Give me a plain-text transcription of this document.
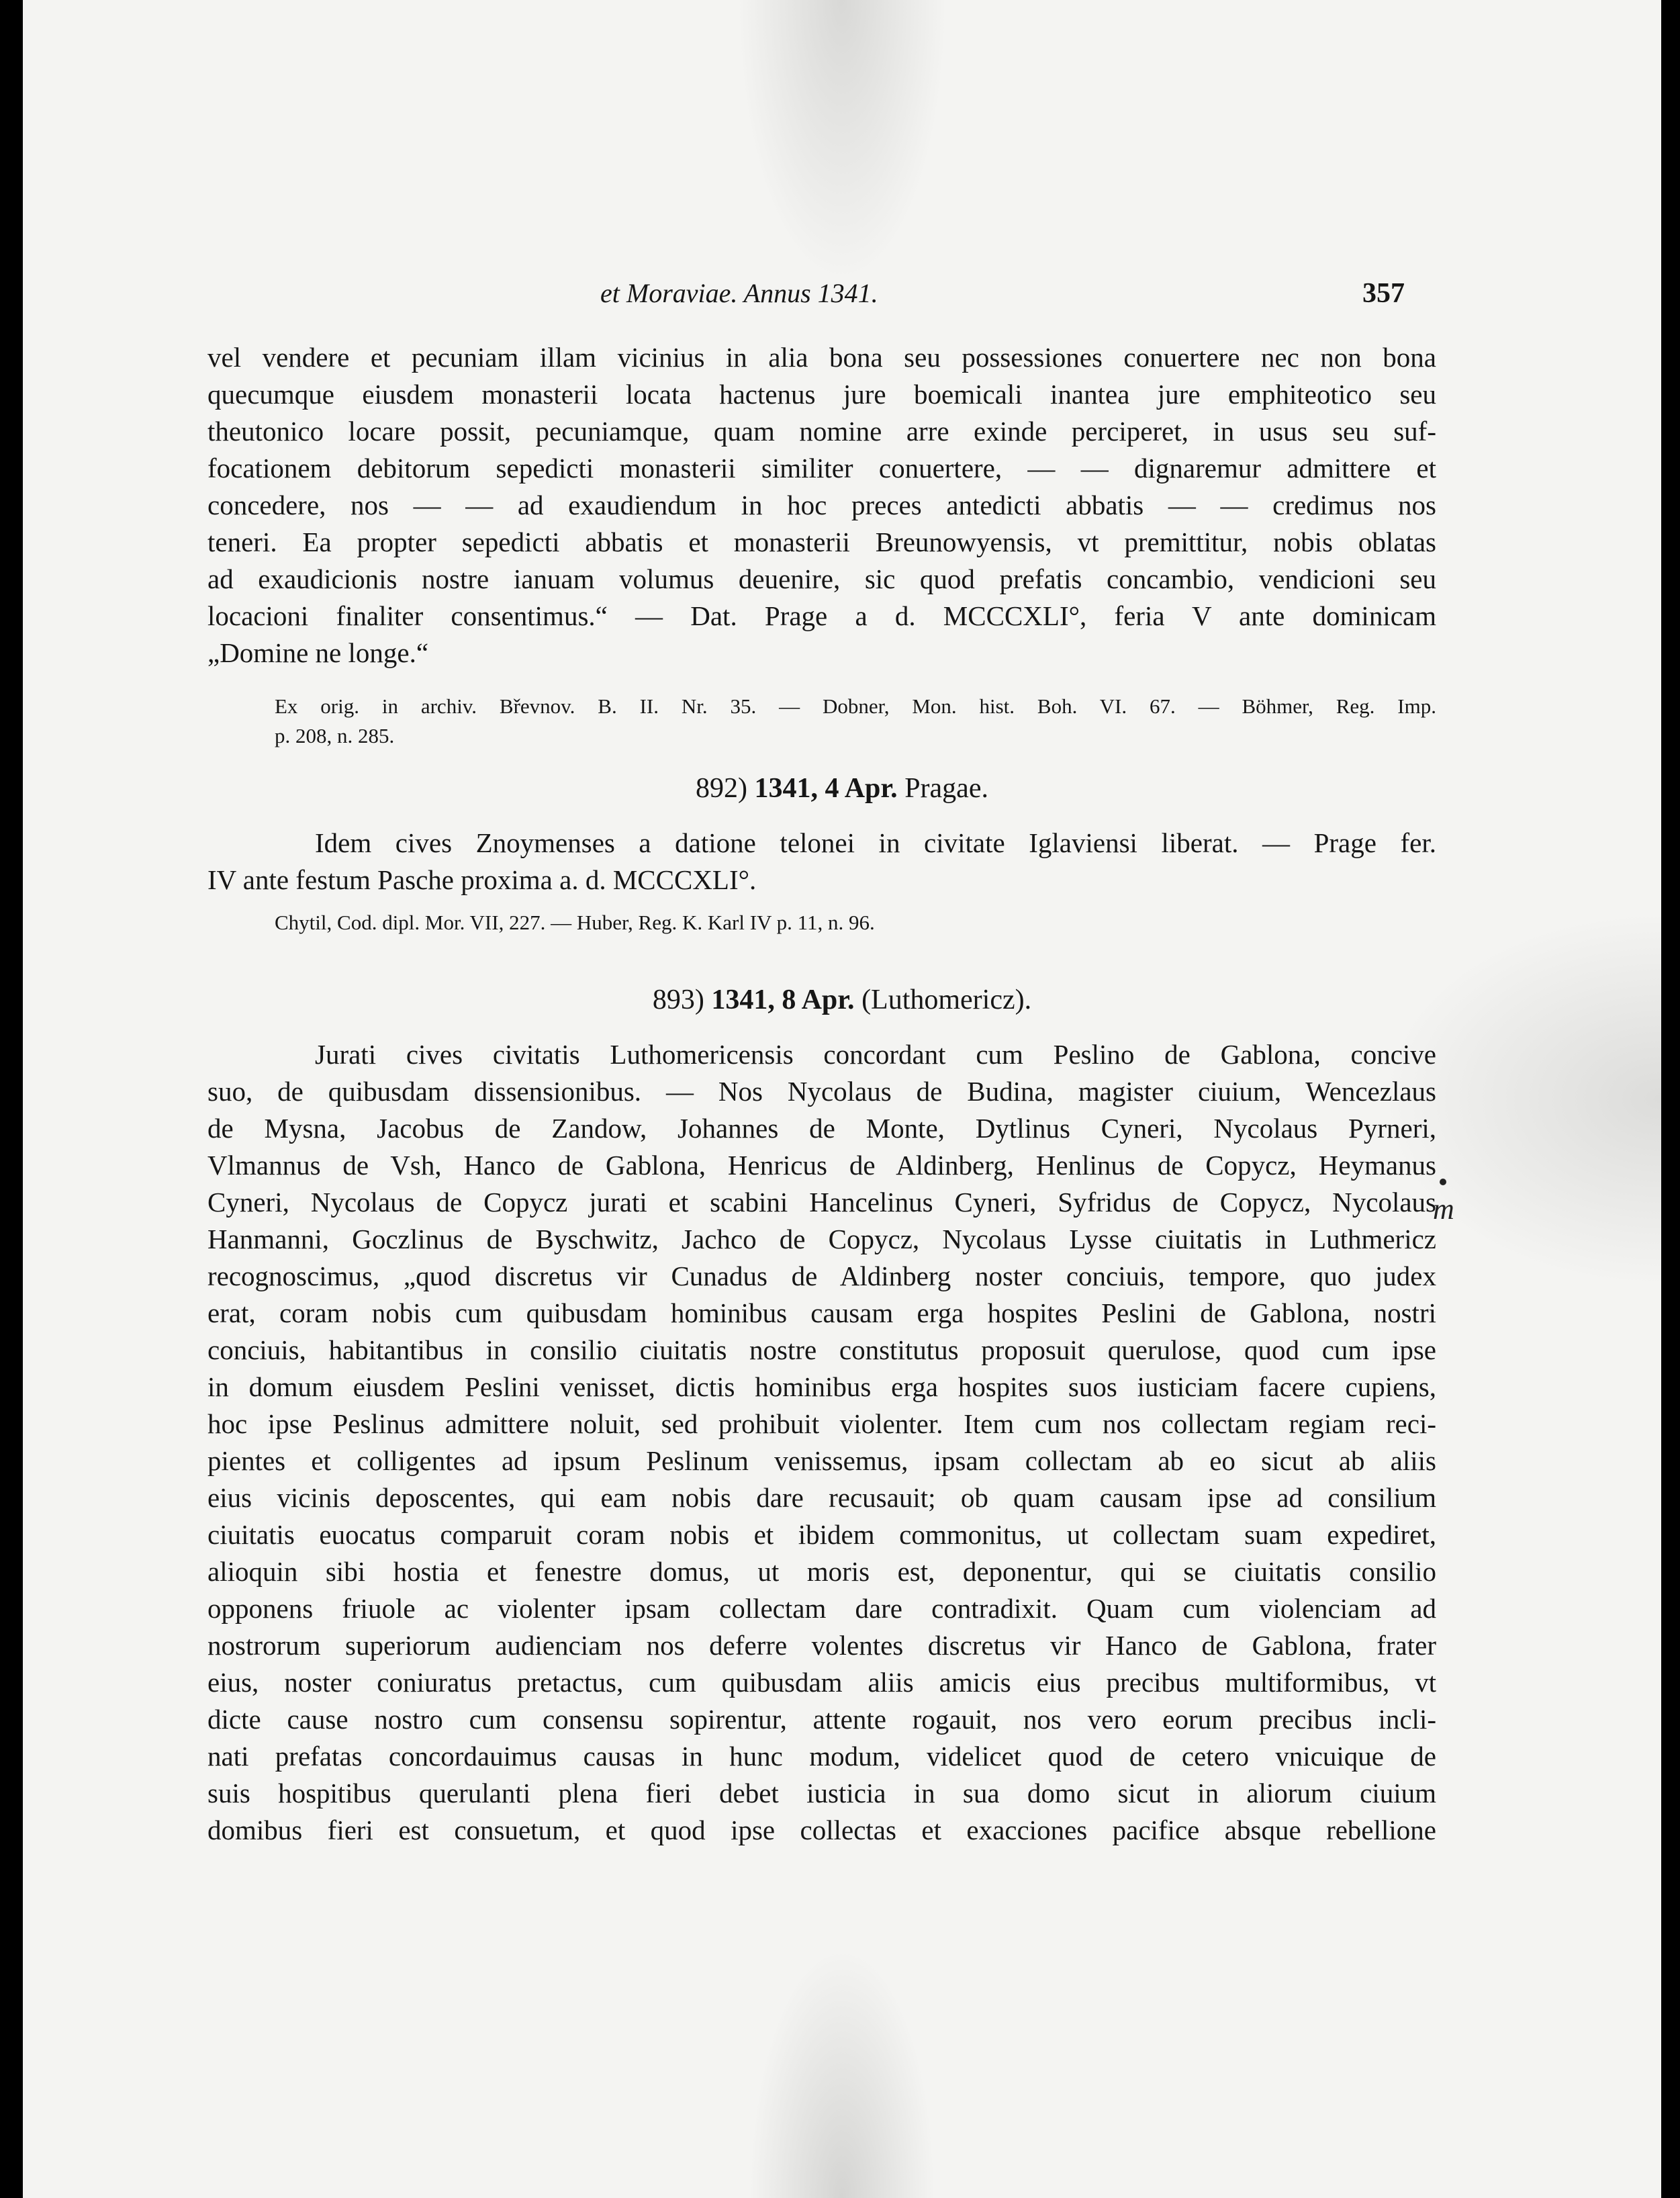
et Moraviae. Annus 1341.	357
vel vendere et pecuniam illam vicinius in alia bona seu possessiones conuertere nec non bona
quecumque eiusdem monasterii locata hactenus jure boemicali inantea jure emphiteotico seu
theutonico locare possit, pecuniamque, quam nomine arre exinde perciperet, in usus seu suf-
focationem debitorum sepedicti monasterii similiter conuertere, — — dignaremur admittere et
concedere, nos — — ad exaudiendum in hoc preces antedicti abbatis — — credimus nos
teneri. Ea propter sepedicti abbatis et monasterii Breunowyensis, vt premittitur, nobis oblatas
ad exaudicionis nostre ianuam volumus deuenire, sic quod prefatis concambio, vendicioni seu
locacioni finaliter consentimus.“ — Dat. Prage a d. MCCCXLI°, feria V ante dominicam
„Domine ne longe.“
Ex orig. in archiv. Břevnov. B. II. Nr. 35. — Dobner, Mon. hist. Boh. VI. 67. — Böhmer, Reg. Imp.
p. 208, n. 285.
892) 1341, 4 Apr. Pragae.
Idem cives Znoymenses a datione telonei in civitate Iglaviensi liberat. — Prage fer.
IV ante festum Pasche proxima a. d. MCCCXLI°.
Chytil, Cod. dipl. Mor. VII, 227. — Huber, Reg. K. Karl IV p. 11, n. 96.
893) 1341, 8 Apr. (Luthomericz).
Jurati cives civitatis Luthomericensis concordant cum Peslino de Gablona, concive
suo, de quibusdam dissensionibus. — Nos Nycolaus de Budina, magister ciuium, Wencezlaus
de Mysna, Jacobus de Zandow, Johannes de Monte, Dytlinus Cyneri, Nycolaus Pyrneri,
Vlmannus de Vsh, Hanco de Gablona, Henricus de Aldinberg, Henlinus de Copycz, Heymanus
Cyneri, Nycolaus de Copycz jurati et scabini Hancelinus Cyneri, Syfridus de Copycz, Nycolaus
Hanmanni, Goczlinus de Byschwitz, Jachco de Copycz, Nycolaus Lysse ciuitatis in Luthmericz
recognoscimus, „quod discretus vir Cunadus de Aldinberg noster conciuis, tempore, quo judex
erat, coram nobis cum quibusdam hominibus causam erga hospites Peslini de Gablona, nostri
conciuis, habitantibus in consilio ciuitatis nostre constitutus proposuit querulose, quod cum ipse
in domum eiusdem Peslini venisset, dictis hominibus erga hospites suos iusticiam facere cupiens,
hoc ipse Peslinus admittere noluit, sed prohibuit violenter. Item cum nos collectam regiam reci-
pientes et colligentes ad ipsum Peslinum venissemus, ipsam collectam ab eo sicut ab aliis
eius vicinis deposcentes, qui eam nobis dare recusauit; ob quam causam ipse ad consilium
ciuitatis euocatus comparuit coram nobis et ibidem commonitus, ut collectam suam expediret,
alioquin sibi hostia et fenestre domus, ut moris est, deponentur, qui se ciuitatis consilio
opponens friuole ac violenter ipsam collectam dare contradixit. Quam cum violenciam ad
nostrorum superiorum audienciam nos deferre volentes discretus vir Hanco de Gablona, frater
eius, noster coniuratus pretactus, cum quibusdam aliis amicis eius precibus multiformibus, vt
dicte cause nostro cum consensu sopirentur, attente rogauit, nos vero eorum precibus incli-
nati prefatas concordauimus causas in hunc modum, videlicet quod de cetero vnicuique de
suis hospitibus querulanti plena fieri debet iusticia in sua domo sicut in aliorum ciuium
domibus fieri est consuetum, et quod ipse collectas et exacciones pacifice absque rebellione
m
